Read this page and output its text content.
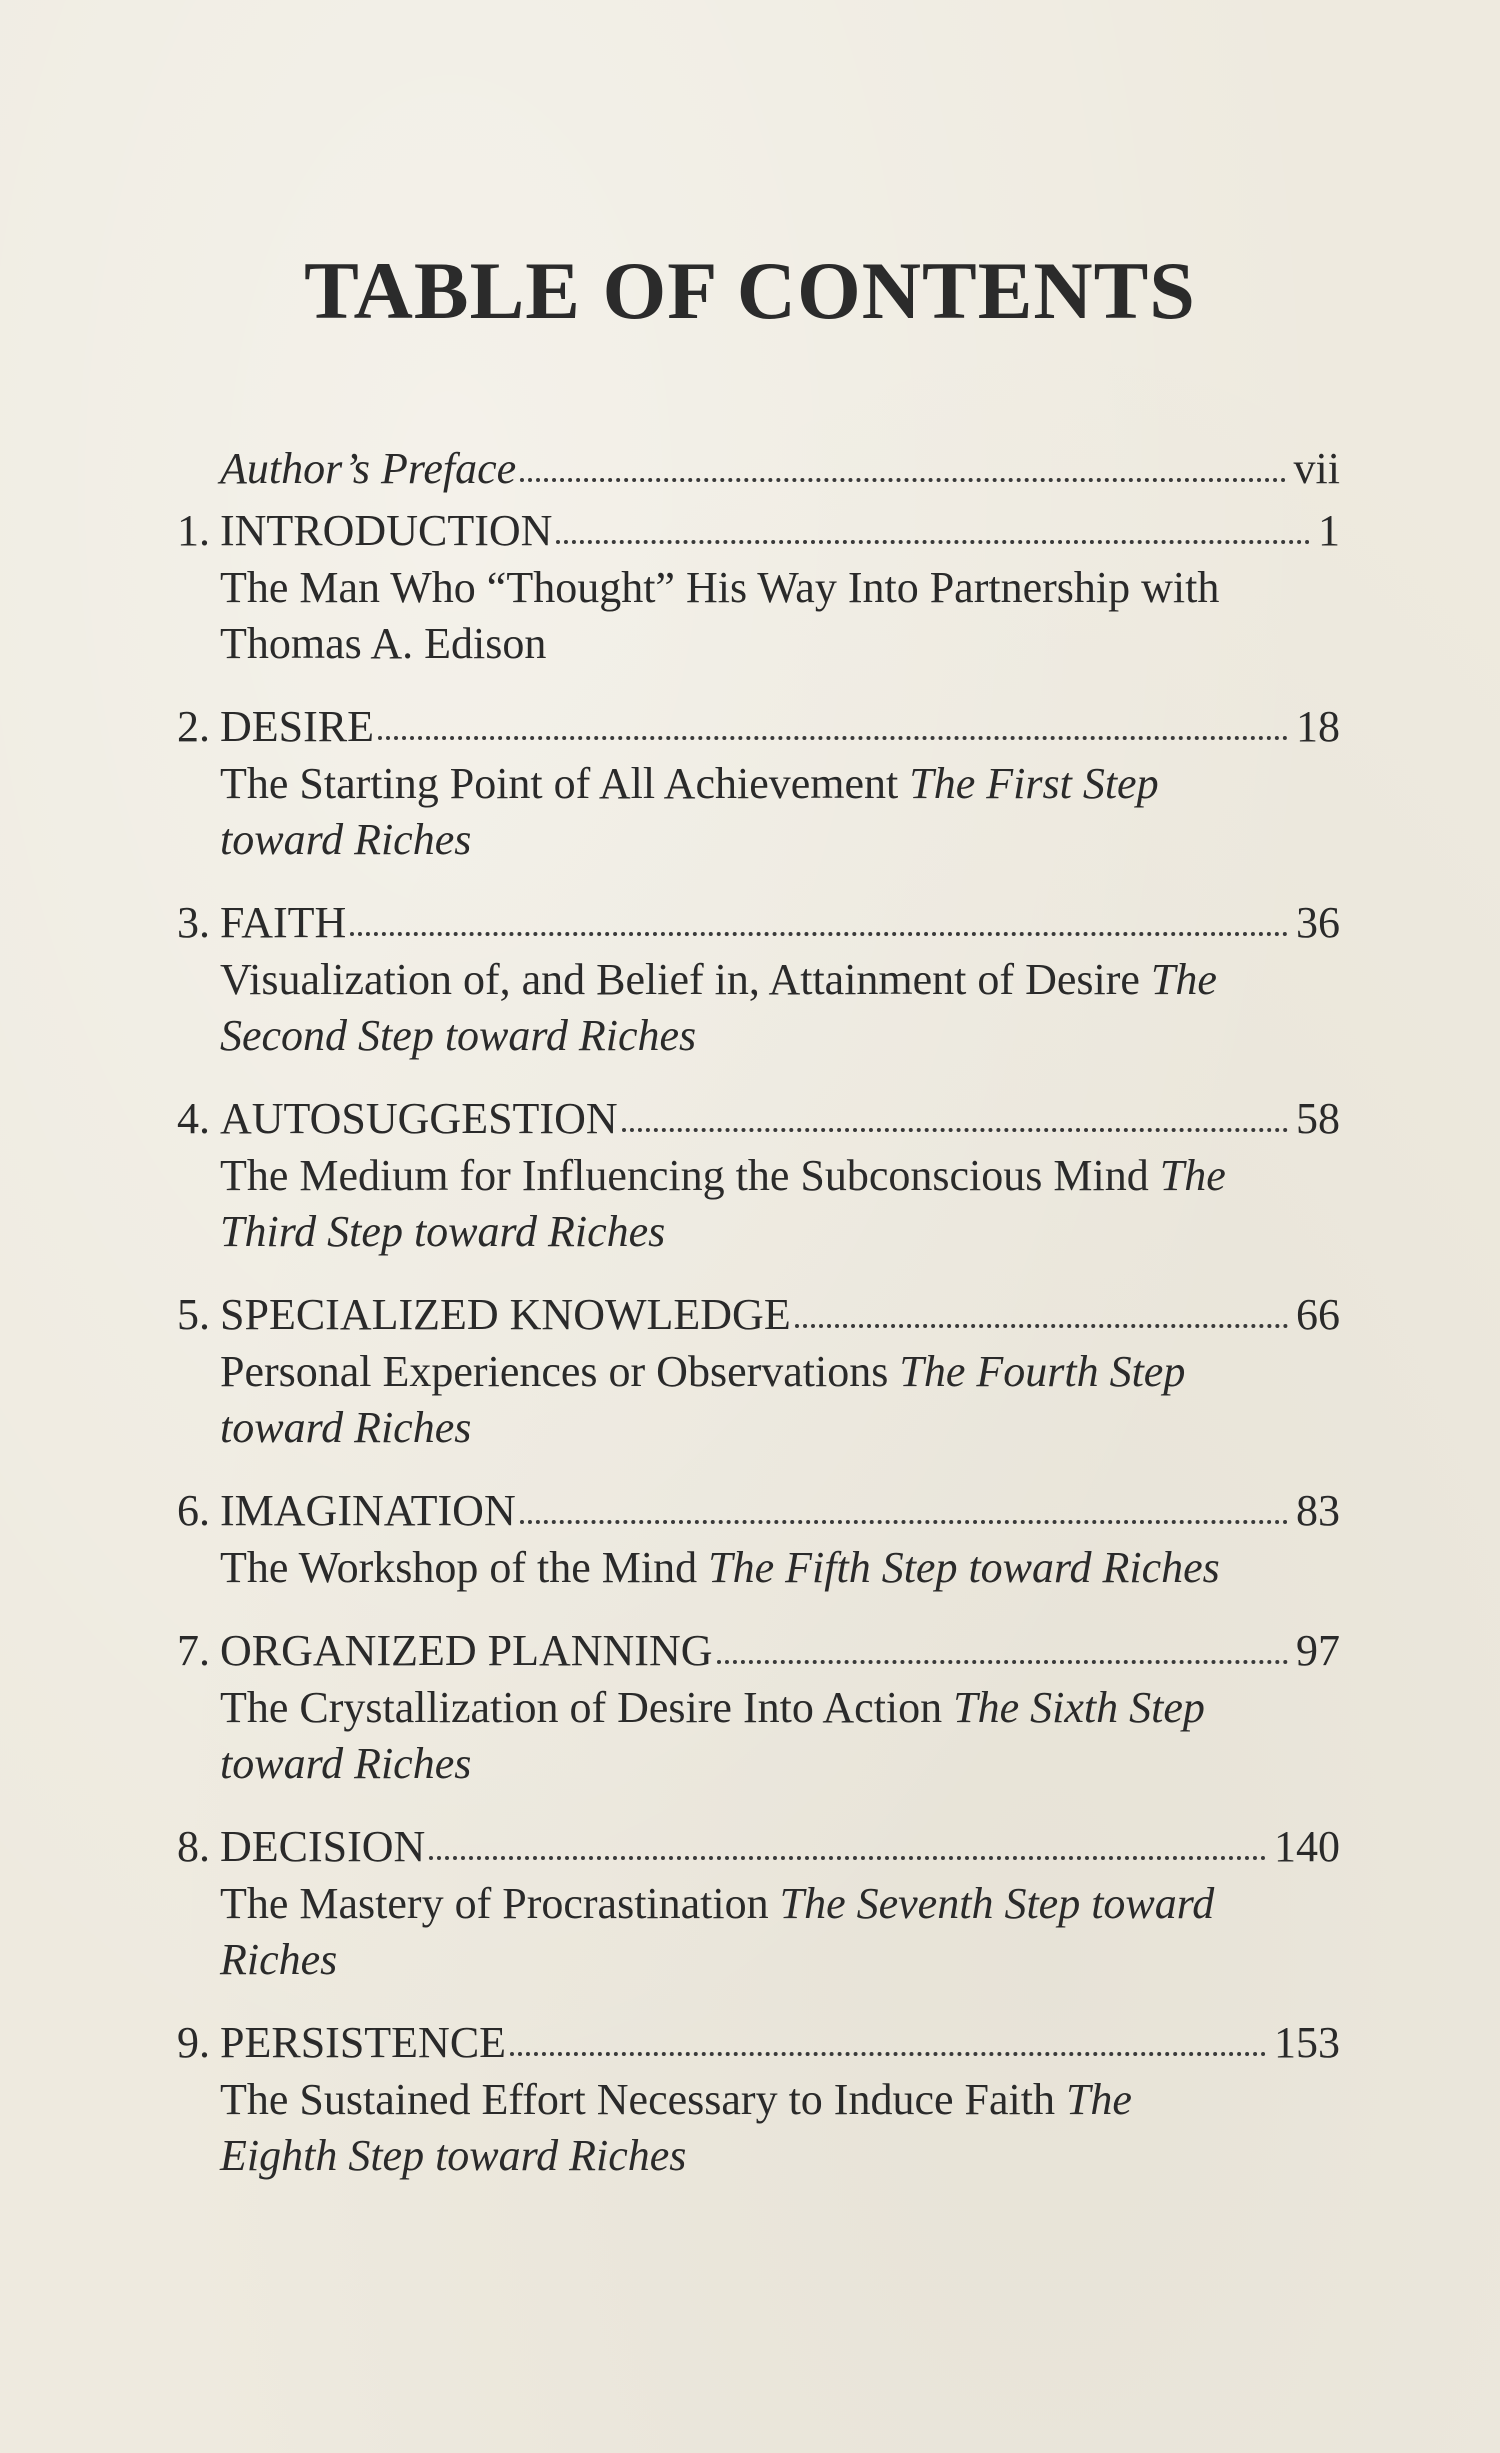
TABLE OF CONTENTS
Author’s Preface	vii
1. INTRODUCTION	1
The Man Who “Thought” His Way Into Partnership with Thomas A. Edison
2. DESIRE	18
The Starting Point of All Achievement The First Step toward Riches
3. FAITH	36
Visualization of, and Belief in, Attainment of Desire The Second Step toward Riches
4. AUTOSUGGESTION	58
The Medium for Influencing the Subconscious Mind The Third Step toward Riches
5. SPECIALIZED KNOWLEDGE	66
Personal Experiences or Observations The Fourth Step toward Riches
6. IMAGINATION	83
The Workshop of the Mind The Fifth Step toward Riches
7. ORGANIZED PLANNING	97
The Crystallization of Desire Into Action The Sixth Step toward Riches
8. DECISION	140
The Mastery of Procrastination The Seventh Step toward Riches
9. PERSISTENCE	153
The Sustained Effort Necessary to Induce Faith The Eighth Step toward Riches
